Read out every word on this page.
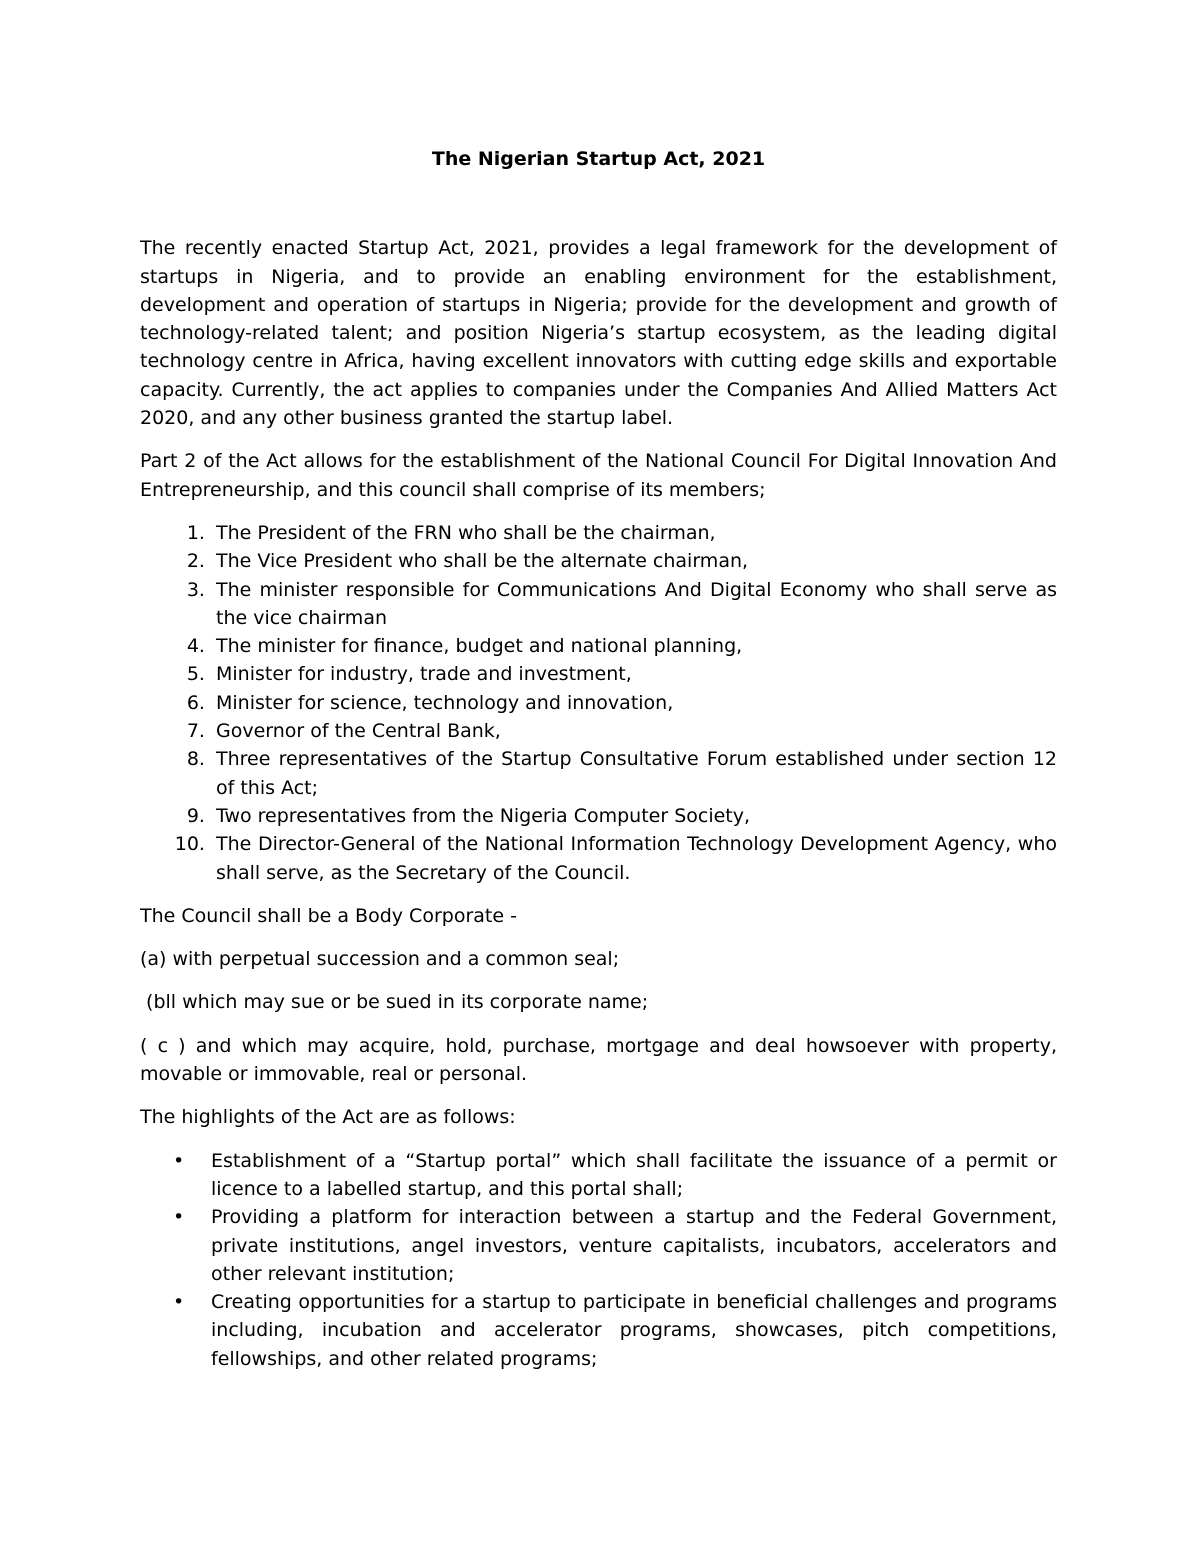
The Nigerian Startup Act, 2021

The recently enacted Startup Act, 2021, provides a legal framework for the development of startups in Nigeria, and to provide an enabling environment for the establishment, development and operation of startups in Nigeria; provide for the development and growth of technology-related talent; and position Nigeria’s startup ecosystem, as the leading digital technology centre in Africa, having excellent innovators with cutting edge skills and exportable capacity. Currently, the act applies to companies under the Companies And Allied Matters Act 2020, and any other business granted the startup label.

Part 2 of the Act allows for the establishment of the National Council For Digital Innovation And Entrepreneurship, and this council shall comprise of its members;

1. The President of the FRN who shall be the chairman,
2. The Vice President who shall be the alternate chairman,
3. The minister responsible for Communications And Digital Economy who shall serve as the vice chairman
4. The minister for finance, budget and national planning,
5. Minister for industry, trade and investment,
6. Minister for science, technology and innovation,
7. Governor of the Central Bank,
8. Three representatives of the Startup Consultative Forum established under section 12 of this Act;
9. Two representatives from the Nigeria Computer Society,
10. The Director-General of the National Information Technology Development Agency, who shall serve, as the Secretary of the Council.

The Council shall be a Body Corporate -

(a) with perpetual succession and a common seal;

(bll which may sue or be sued in its corporate name;

( c ) and which may acquire, hold, purchase, mortgage and deal howsoever with property, movable or immovable, real or personal.

The highlights of the Act are as follows:

• Establishment of a “Startup portal” which shall facilitate the issuance of a permit or licence to a labelled startup, and this portal shall;
• Providing a platform for interaction between a startup and the Federal Government, private institutions, angel investors, venture capitalists, incubators, accelerators and other relevant institution;
• Creating opportunities for a startup to participate in beneficial challenges and programs including, incubation and accelerator programs, showcases, pitch competitions, fellowships, and other related programs;
